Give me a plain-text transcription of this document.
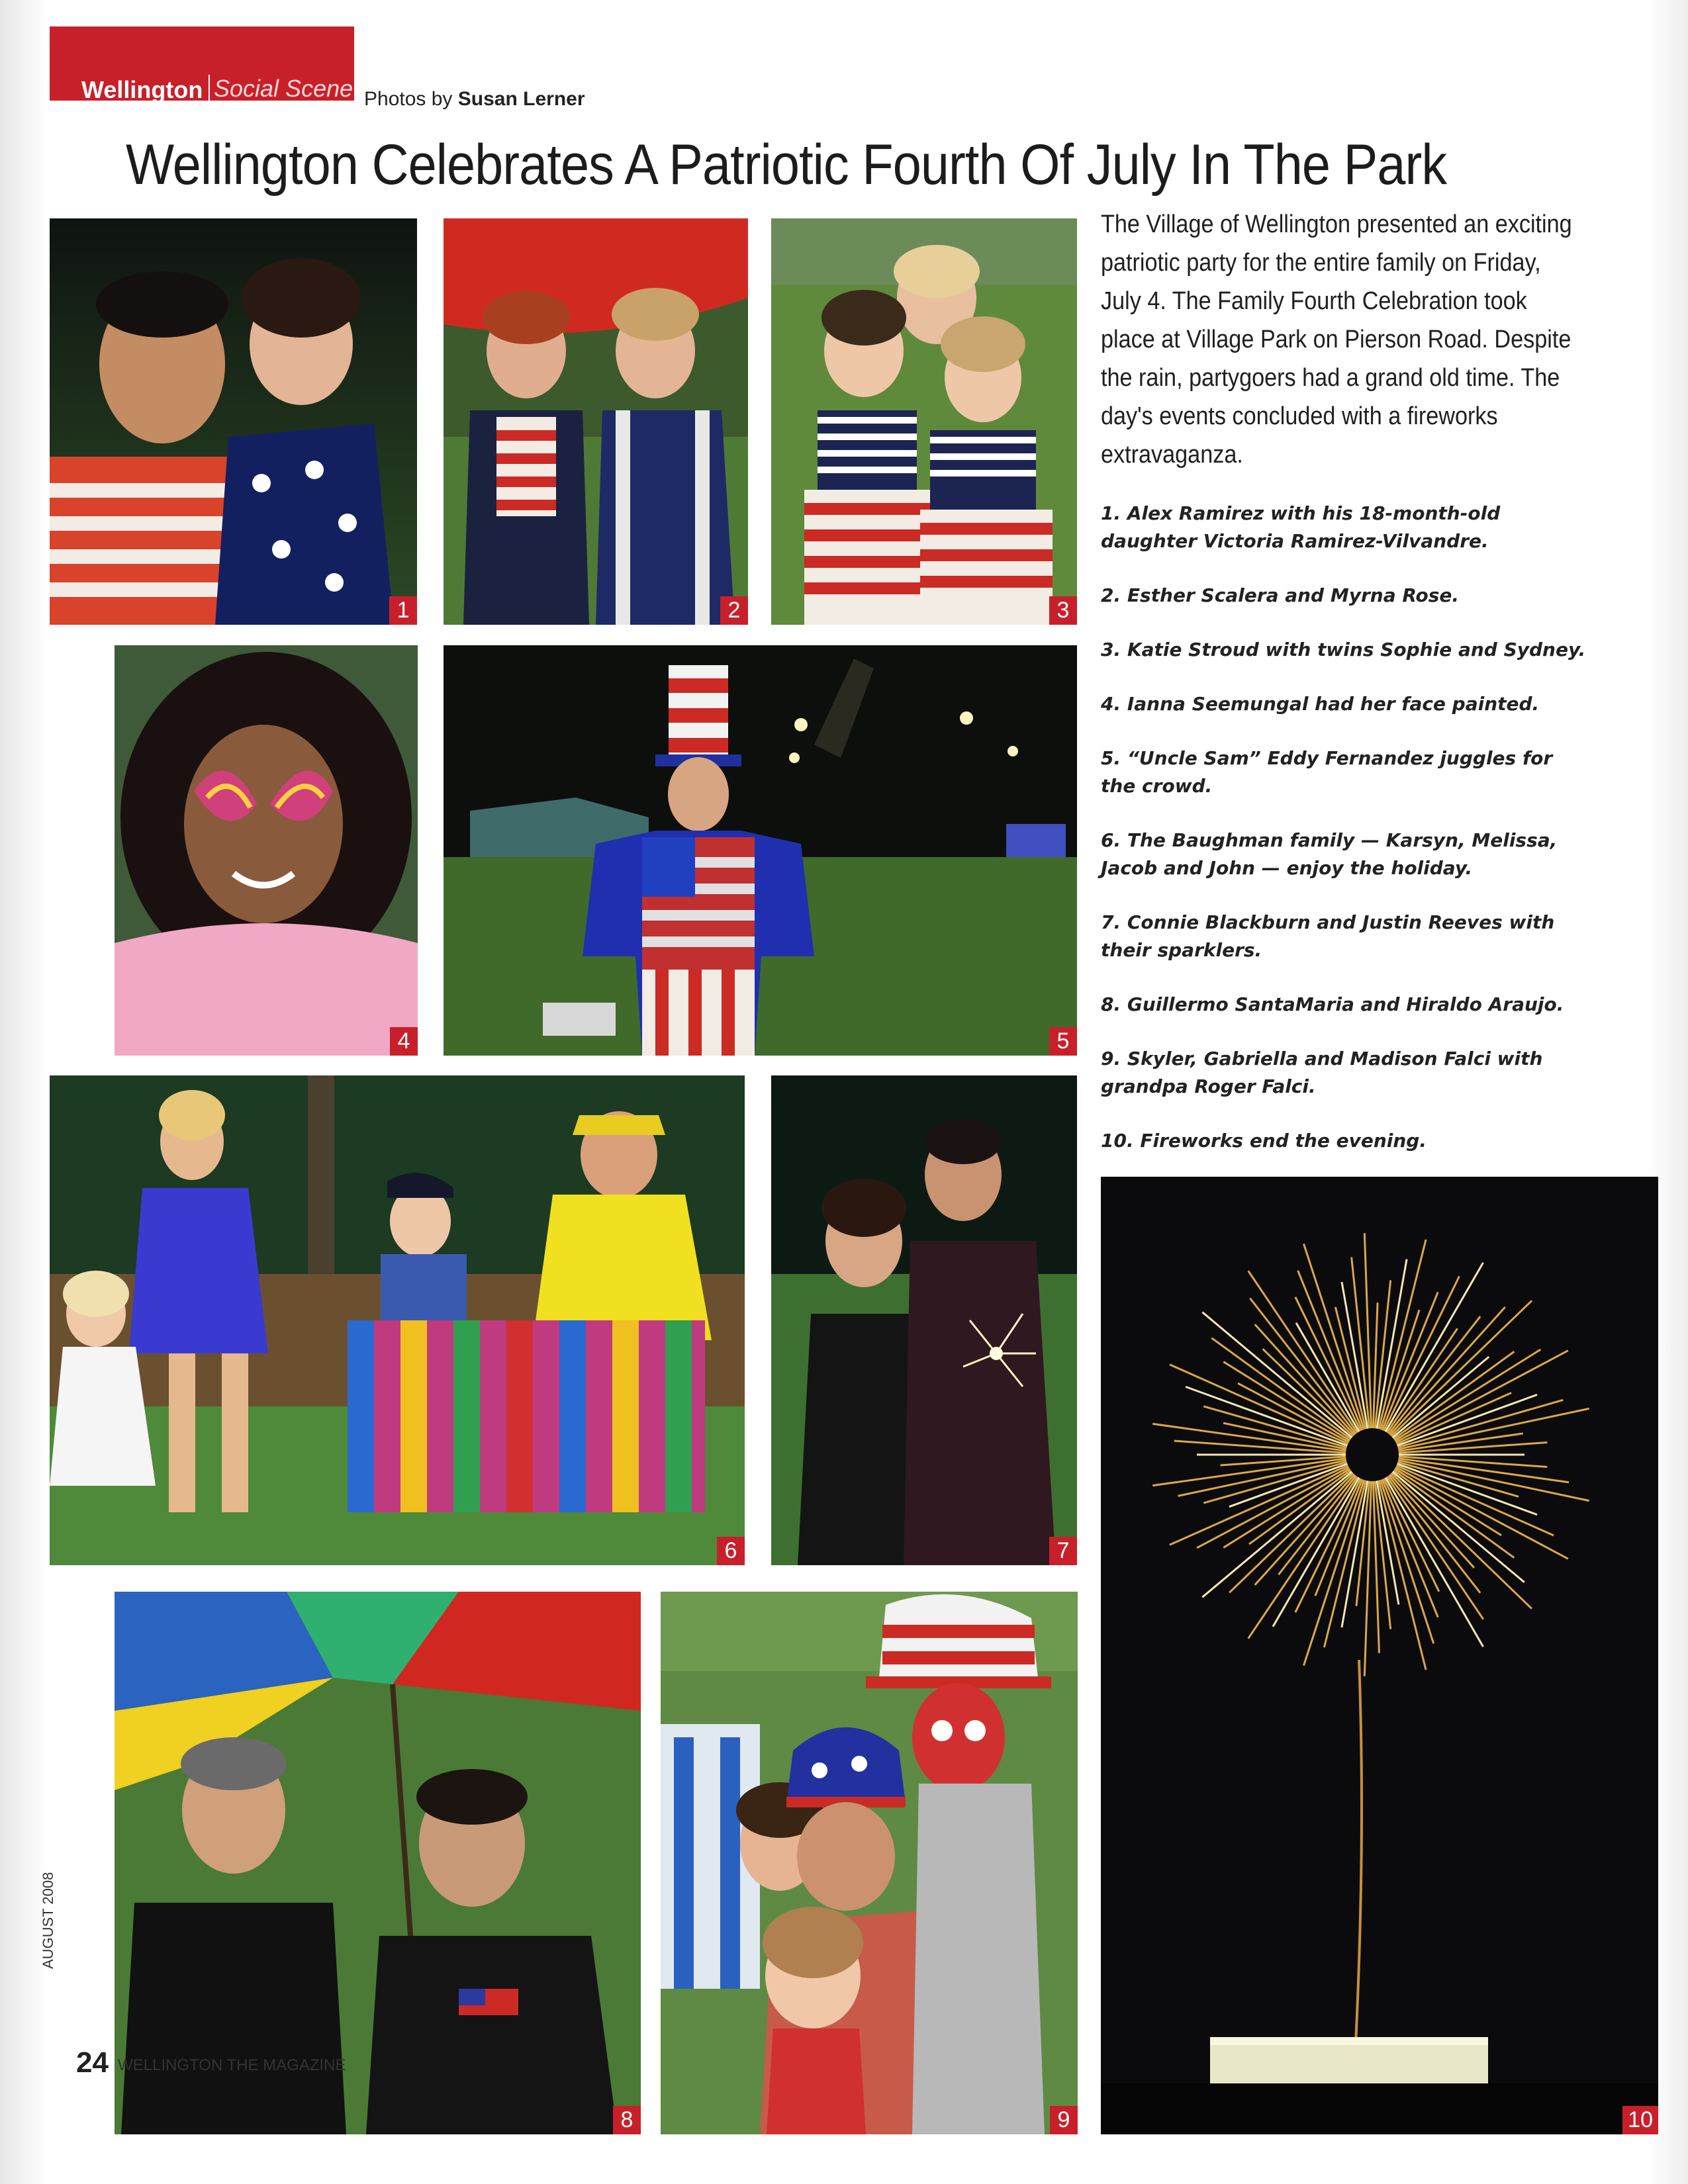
Wellington Social Scene Photos by Susan Lerner
Wellington Celebrates A Patriotic Fourth Of July In The Park

The Village of Wellington presented an exciting patriotic party for the entire family on Friday, July 4. The Family Fourth Celebration took place at Village Park on Pierson Road. Despite the rain, partygoers had a grand old time. The day's events concluded with a fireworks extravaganza.

1. Alex Ramirez with his 18-month-old daughter Victoria Ramirez-Vilvandre.
2. Esther Scalera and Myrna Rose.
3. Katie Stroud with twins Sophie and Sydney.
4. Ianna Seemungal had her face painted.
5. “Uncle Sam” Eddy Fernandez juggles for the crowd.
6. The Baughman family — Karsyn, Melissa, Jacob and John — enjoy the holiday.
7. Connie Blackburn and Justin Reeves with their sparklers.
8. Guillermo SantaMaria and Hiraldo Araujo.
9. Skyler, Gabriella and Madison Falci with grandpa Roger Falci.
10. Fireworks end the evening.
1	2	3
4	5
6	7
8	9	10
AUGUST 2008
24 WELLINGTON THE MAGAZINE
